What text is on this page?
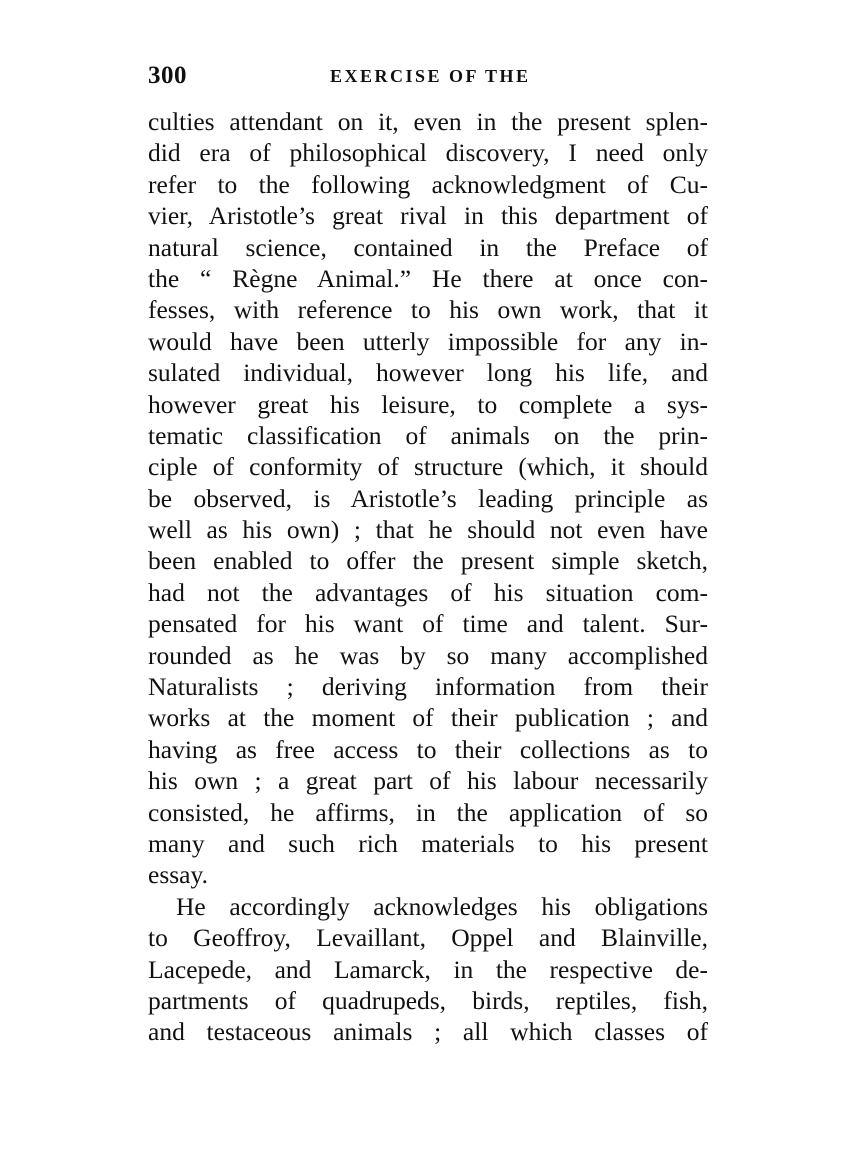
300	EXERCISE OF THE
culties attendant on it, even in the present splen-
did era of philosophical discovery, I need only
refer to the following acknowledgment of Cu-
vier, Aristotle’s great rival in this department of
natural science, contained in the Preface of
the “ Règne Animal.” He there at once con-
fesses, with reference to his own work, that it
would have been utterly impossible for any in-
sulated individual, however long his life, and
however great his leisure, to complete a sys-
tematic classification of animals on the prin-
ciple of conformity of structure (which, it should
be observed, is Aristotle’s leading principle as
well as his own) ; that he should not even have
been enabled to offer the present simple sketch,
had not the advantages of his situation com-
pensated for his want of time and talent. Sur-
rounded as he was by so many accomplished
Naturalists ; deriving information from their
works at the moment of their publication ; and
having as free access to their collections as to
his own ; a great part of his labour necessarily
consisted, he affirms, in the application of so
many and such rich materials to his present
essay.
He accordingly acknowledges his obligations
to Geoffroy, Levaillant, Oppel and Blainville,
Lacepede, and Lamarck, in the respective de-
partments of quadrupeds, birds, reptiles, fish,
and testaceous animals ; all which classes of
